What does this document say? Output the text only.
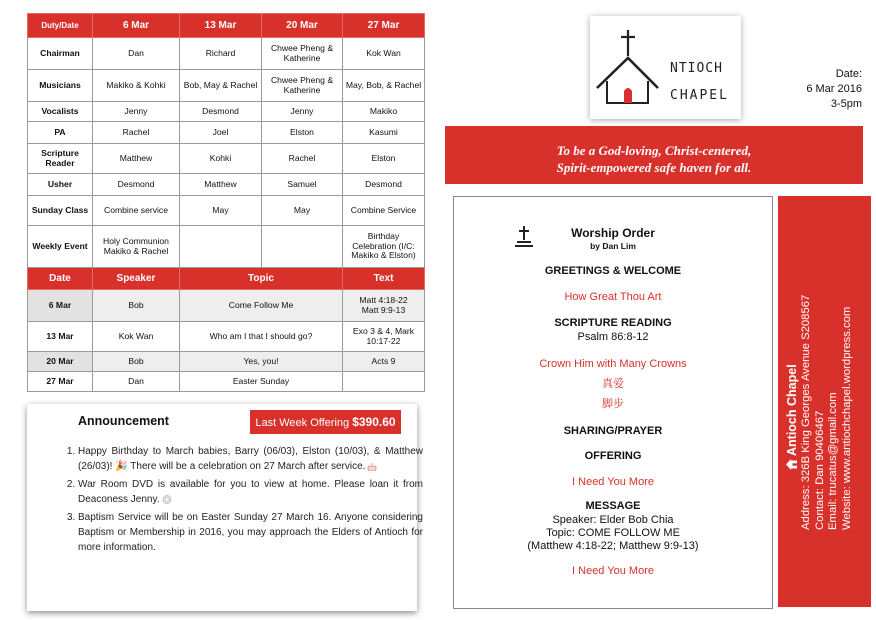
Duty/Date	6 Mar	13 Mar	20 Mar	27 Mar
Chairman	Dan	Richard	Chwee Pheng & Katherine	Kok Wan
Musicians	Makiko & Kohki	Bob, May & Rachel	Chwee Pheng & Katherine	May, Bob, & Rachel
Vocalists	Jenny	Desmond	Jenny	Makiko
PA	Rachel	Joel	Elston	Kasumi
Scripture Reader	Matthew	Kohki	Rachel	Elston
Usher	Desmond	Matthew	Samuel	Desmond
Sunday Class	Combine service	May	May	Combine Service
Weekly Event	Holy Communion Makiko & Rachel			Birthday Celebration (I/C: Makiko & Elston)
Date	Speaker	Topic		Text
6 Mar	Bob	Come Follow Me		Matt 4:18-22
Matt 9:9-13
13 Mar	Kok Wan	Who am I that I should go?		Exo 3 & 4, Mark
10:17-22
20 Mar	Bob	Yes, you!		Acts 9
27 Mar	Dan	Easter Sunday		
Announcement	Last Week Offering $390.60
1. Happy Birthday to March babies, Barry (06/03), Elston (10/03), & Matthew (26/03)! 🎉 There will be a celebration on 27 March after service.
2. War Room DVD is available for you to view at home. Please loan it from Deaconess Jenny.
3. Baptism Service will be on Easter Sunday 27 March 16. Anyone considering Baptism or Membership in 2016, you may approach the Elders of Antioch for more information.
NTIOCH
CHAPEL
Date:
6 Mar 2016
3-5pm
To be a God-loving, Christ-centered,
Spirit-empowered safe haven for all.
Worship Order
by Dan Lim
GREETINGS & WELCOME
How Great Thou Art
SCRIPTURE READING
Psalm 86:8-12
Crown Him with Many Crowns
真爱
脚步
SHARING/PRAYER
OFFERING
I Need You More
MESSAGE
Speaker: Elder Bob Chia
Topic: COME FOLLOW ME
(Matthew 4:18-22; Matthew 9:9-13)
I Need You More
Antioch Chapel Address: 326B King Georges Avenue S208567 Contact: Dan 90406467 Email: trucatus@gmail.com Website: www.antiochchapel.wordpress.com
